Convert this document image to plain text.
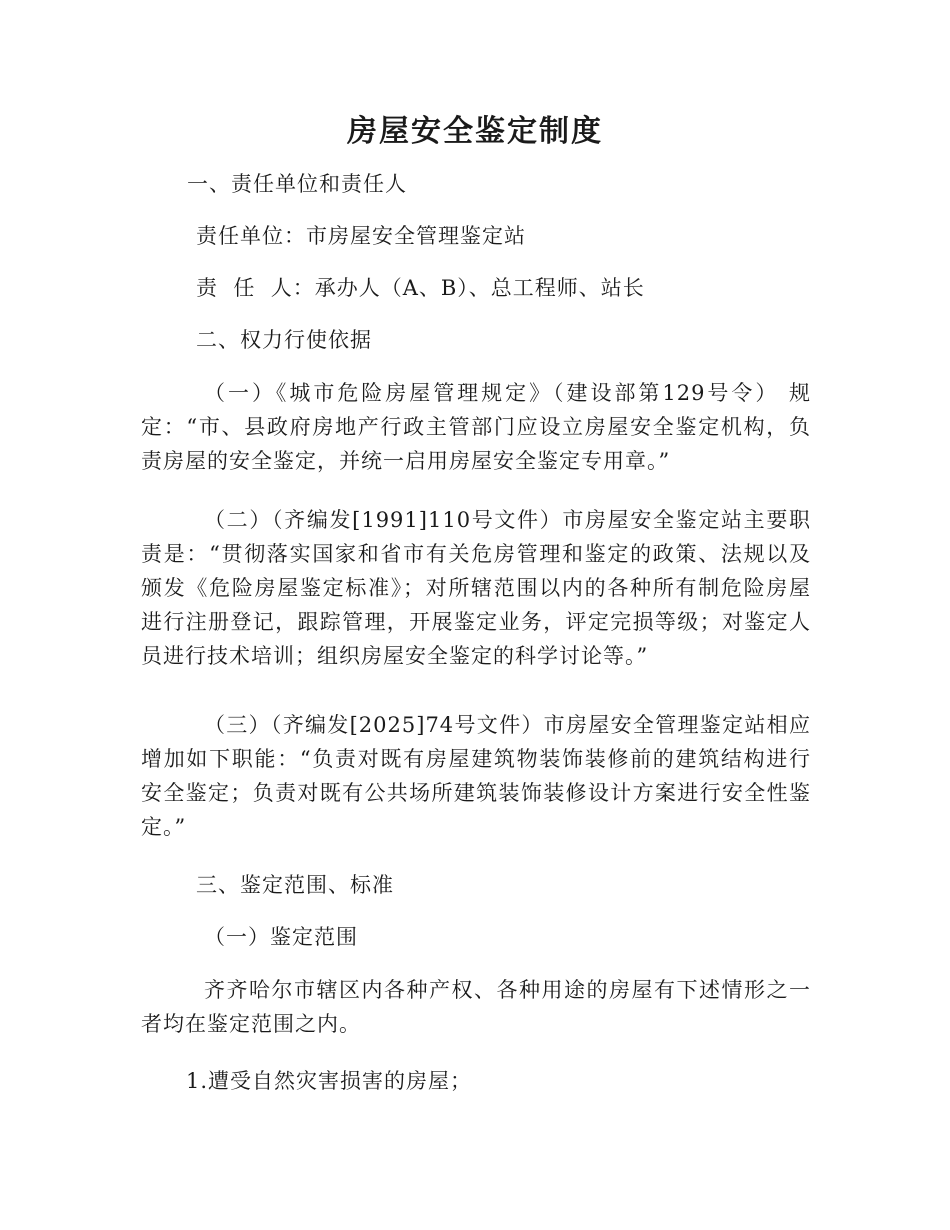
房屋安全鉴定制度
一、责任单位和责任人
责任单位：市房屋安全管理鉴定站
责  任  人：承办人（A、B）、总工程师、站长
二、权力行使依据
（一）《城市危险房屋管理规定》（建设部第129号令） 规定：“市、县政府房地产行政主管部门应设立房屋安全鉴定机构，负责房屋的安全鉴定，并统一启用房屋安全鉴定专用章。”
（二）（齐编发[1991]110号文件）市房屋安全鉴定站主要职责是：“贯彻落实国家和省市有关危房管理和鉴定的政策、法规以及颁发《危险房屋鉴定标准》；对所辖范围以内的各种所有制危险房屋进行注册登记，跟踪管理，开展鉴定业务，评定完损等级；对鉴定人员进行技术培训；组织房屋安全鉴定的科学讨论等。”
（三）（齐编发[2025]74号文件）市房屋安全管理鉴定站相应增加如下职能：“负责对既有房屋建筑物装饰装修前的建筑结构进行安全鉴定；负责对既有公共场所建筑装饰装修设计方案进行安全性鉴定。”
三、鉴定范围、标准
（一）鉴定范围
齐齐哈尔市辖区内各种产权、各种用途的房屋有下述情形之一者均在鉴定范围之内。
1.遭受自然灾害损害的房屋；
